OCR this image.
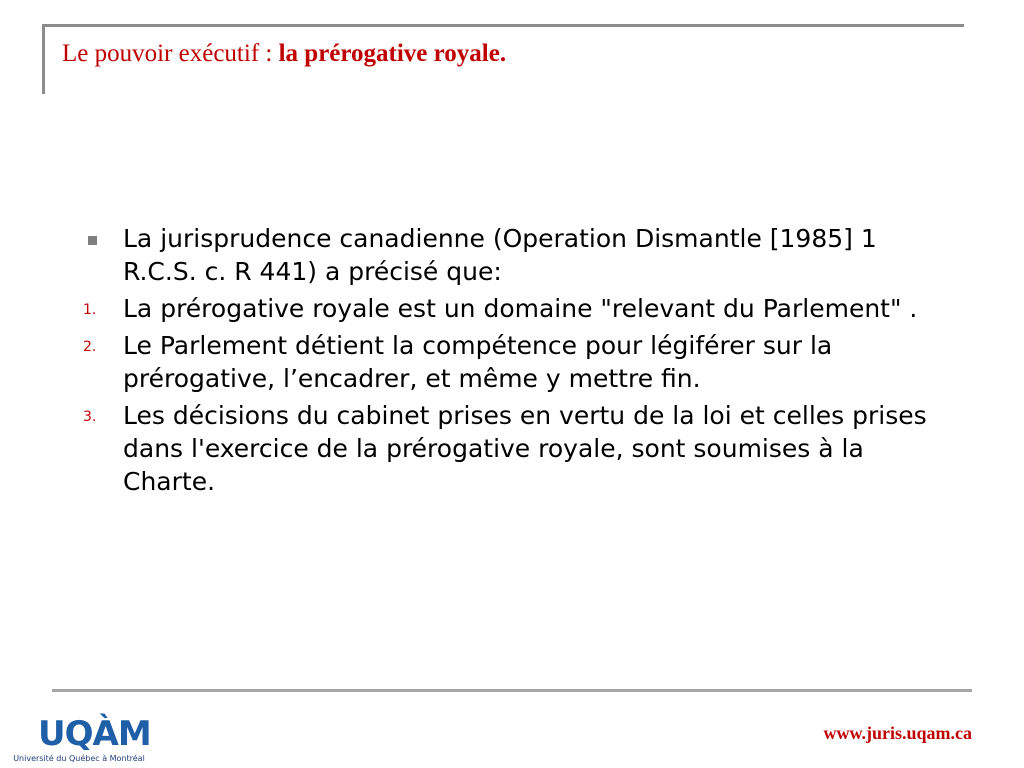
Le pouvoir exécutif : la prérogative royale.
La jurisprudence canadienne (Operation Dismantle [1985] 1 R.C.S. c. R 441) a précisé que:
1. La prérogative royale est un domaine "relevant du Parlement" .
2. Le Parlement détient la compétence pour légiférer sur la prérogative, l’encadrer, et même y mettre fin.
3. Les décisions du cabinet prises en vertu de la loi et celles prises dans l'exercice de la prérogative royale, sont soumises à la Charte.
UQÀM
Université du Québec à Montréal
www.juris.uqam.ca
